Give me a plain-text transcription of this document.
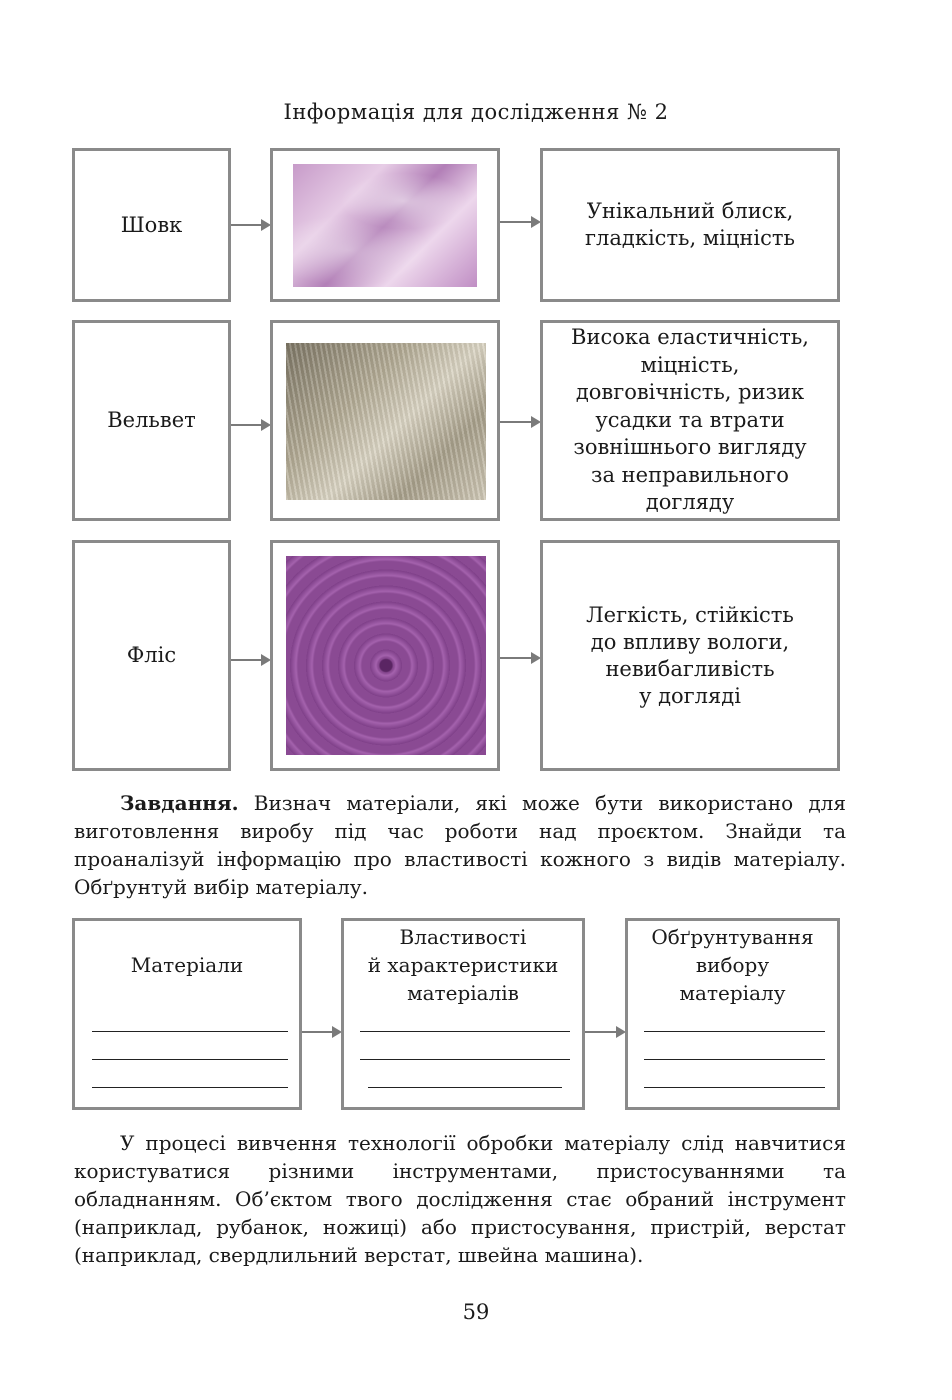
Інформація для дослідження № 2
Шовк
Унікальний блиск,
гладкість, міцність
Вельвет
Висока еластичність,
міцність,
довговічність, ризик
усадки та втрати
зовнішнього вигляду
за неправильного
догляду
Фліс
Легкість, стійкість
до впливу вологи,
невибагливість
у догляді
Завдання. Визнач матеріали, які може бути використано для виготовлення виробу під час роботи над проєктом. Знайди та проаналізуй інформацію про властивості кожного з видів матеріалу. Обґрунтуй вибір матеріалу.
Матеріали
Властивості
й характеристики
матеріалів
Обґрунтування
вибору
матеріалу
У процесі вивчення технології обробки матеріалу слід навчитися користуватися різними інструментами, пристосуваннями та обладнанням. Об’єктом твого дослідження стає обраний інструмент (наприклад, рубанок, ножиці) або пристосування, пристрій, верстат (наприклад, свердлильний верстат, швейна машина).
59
